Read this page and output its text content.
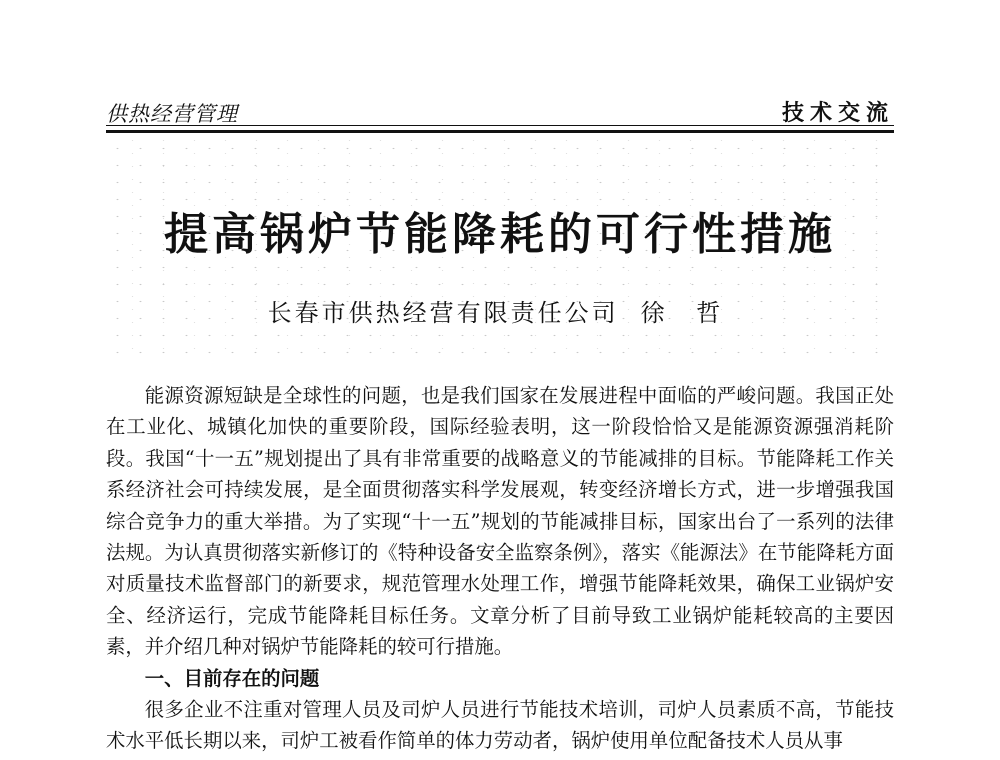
供热经营管理	技术交流
提高锅炉节能降耗的可行性措施
长春市供热经营有限责任公司 徐 哲

能源资源短缺是全球性的问题，也是我们国家在发展进程中面临的严峻问题。我国正处在工业化、城镇化加快的重要阶段，国际经验表明，这一阶段恰恰又是能源资源强消耗阶段。我国“十一五”规划提出了具有非常重要的战略意义的节能减排的目标。节能降耗工作关系经济社会可持续发展，是全面贯彻落实科学发展观，转变经济增长方式，进一步增强我国综合竞争力的重大举措。为了实现“十一五”规划的节能减排目标，国家出台了一系列的法律法规。为认真贯彻落实新修订的《特种设备安全监察条例》，落实《能源法》在节能降耗方面对质量技术监督部门的新要求，规范管理水处理工作，增强节能降耗效果，确保工业锅炉安全、经济运行，完成节能降耗目标任务。文章分析了目前导致工业锅炉能耗较高的主要因素，并介绍几种对锅炉节能降耗的较可行措施。

一、目前存在的问题

很多企业不注重对管理人员及司炉人员进行节能技术培训，司炉人员素质不高，节能技术水平低长期以来，司炉工被看作简单的体力劳动者，锅炉使用单位配备技术人员从事
